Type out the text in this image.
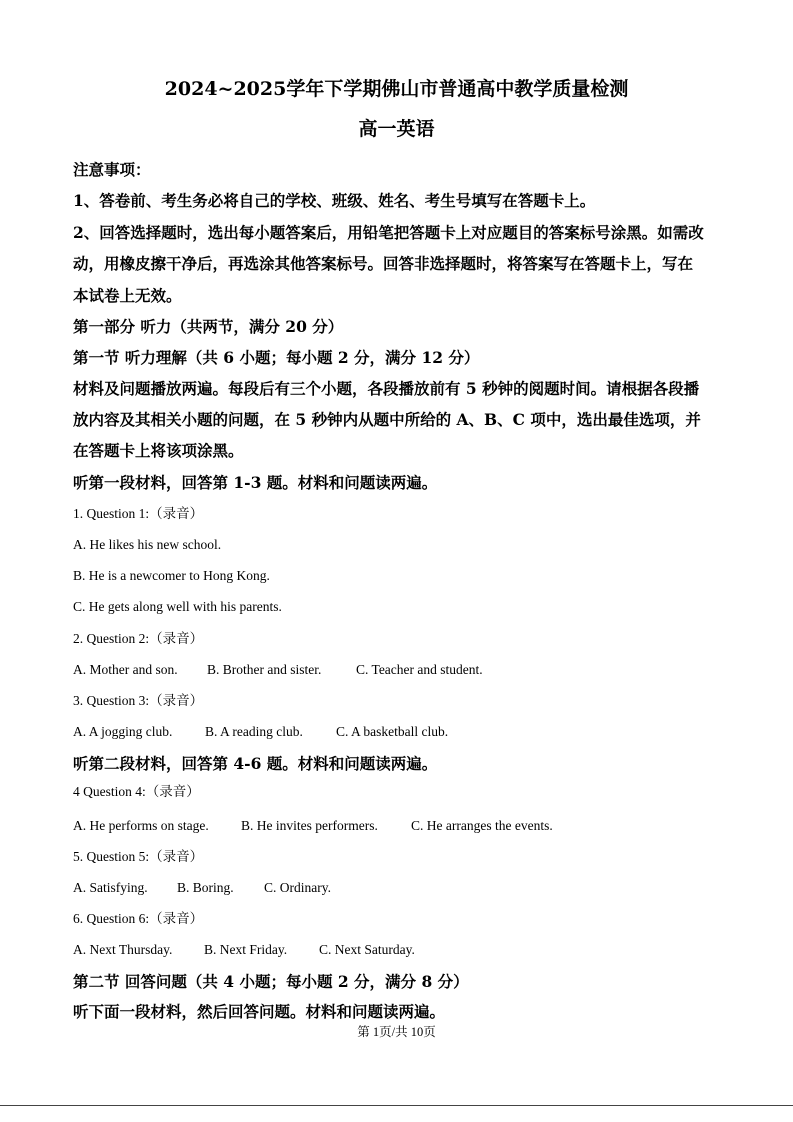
2024~2025学年下学期佛山市普通高中教学质量检测
高一英语
注意事项：
1、答卷前、考生务必将自己的学校、班级、姓名、考生号填写在答题卡上。
2、回答选择题时，选出每小题答案后，用铅笔把答题卡上对应题目的答案标号涂黑。如需改
动，用橡皮擦干净后，再选涂其他答案标号。回答非选择题时，将答案写在答题卡上，写在
本试卷上无效。
第一部分 听力（共两节，满分 20 分）
第一节 听力理解（共 6 小题；每小题 2 分，满分 12 分）
材料及问题播放两遍。每段后有三个小题，各段播放前有 5 秒钟的阅题时间。请根据各段播
放内容及其相关小题的问题，在 5 秒钟内从题中所给的 A、B、C 项中，选出最佳选项，并
在答题卡上将该项涂黑。
听第一段材料，回答第 1-3 题。材料和问题读两遍。
1. Question 1:（录音）
A. He likes his new school.
B. He is a newcomer to Hong Kong.
C. He gets along well with his parents.
2. Question 2:（录音）
A. Mother and son. B. Brother and sister.	C. Teacher and student.
3. Question 3:（录音）
A. A jogging club. B. A reading club. C. A basketball club.
听第二段材料，回答第 4-6 题。材料和问题读两遍。
4 Question 4:（录音）
A. He performs on stage. B. He invites performers. C. He arranges the events.
5. Question 5:（录音）
A. Satisfying. B. Boring. C. Ordinary.
6. Question 6:（录音）
A. Next Thursday. B. Next Friday. C. Next Saturday.
第二节 回答问题（共 4 小题；每小题 2 分，满分 8 分）
听下面一段材料，然后回答问题。材料和问题读两遍。
第 1页/共 10页
